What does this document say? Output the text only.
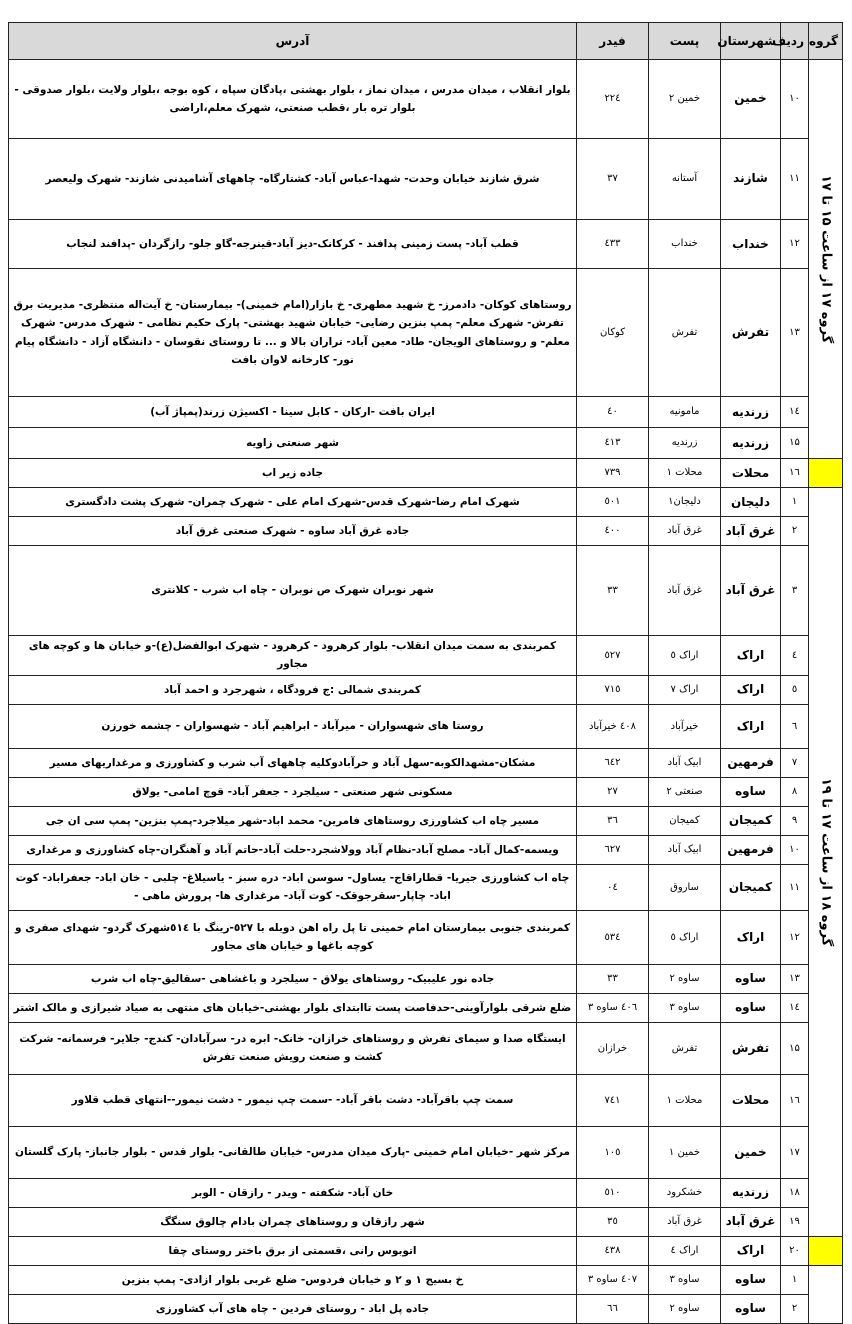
گروه	ردیف	شهرستان	پست	فیدر	آدرس

گروه ۱۷ از ساعت ۱۵ تا ۱۷	۱۰	خمین	خمین ۲	۲۲٤	بلوار انقلاب ، میدان مدرس ، میدان نماز ، بلوار بهشتی ،پادگان سپاه ، کوه بوجه ،بلوار ولایت ،بلوار صدوقی - بلوار تره بار ،قطب صنعتی، شهرک معلم،اراضی
	۱۱	شازند	آستانه	۳۷	شرق شازند خیابان وحدت- شهدا-عباس آباد- کشتارگاه- چاههای آشامیدنی شازند- شهرک ولیعصر
	۱۲	خنداب	خنداب	٤۳۳	قطب آباد- پست زمینی پدافند - کرکانک-دیز آباد-قینرجه-گاو جلو- رازگردان -پدافند لنجاب
	۱۳	تفرش	تفرش	کوکان	روستاهای کوکان- دادمرز- خ شهید مطهری- خ بازار(امام خمینی)- بیمارستان- خ آیت‌اله منتظری- مدیریت برق تفرش- شهرک معلم- پمپ بنزین رضایی- خیابان شهید بهشتی- پارک حکیم نظامی - شهرک مدرس- شهرک معلم- و روستاهای الویجان- طاد- معین آباد- تراران بالا و ... تا روستای نقوسان - دانشگاه آزاد - دانشگاه پیام نور- کارخانه لاوان بافت
	۱٤	زرندیه	مامونیه	٤۰	ایران بافت -ارکان - کابل سینا - اکسیژن زرند(پمپاژ آب)
	۱۵	زرندیه	زرندیه	٤۱۳	شهر صنعتی زاویه
	۱٦	محلات	محلات ۱	۷۳۹	جاده زیر اب

گروه ۱۸ از ساعت ۱۷ تا ۱۹	۱	دلیجان	دلیجان۱	٥۰۱	شهرک امام رضا-شهرک قدس-شهرک امام علی - شهرک چمران- شهرک پشت دادگستری
	۲	غرق آباد	غرق آباد	٤۰۰	جاده غرق آباد ساوه - شهرک صنعتی غرق آباد
	۳	غرق آباد	غرق آباد	۳۳	شهر نوبران شهرک ص نوبران - چاه اب شرب - کلانتری
	٤	اراک	اراک ٥	٥۲۷	کمربندی به سمت میدان انقلاب- بلوار کرهرود - کرهرود - شهرک ابوالفضل(ع)-و خیابان ها و کوچه های مجاور
	٥	اراک	اراک ۷	۷۱٥	کمربندی شمالی :ج فرودگاه ، شهرجرد و احمد آباد
	٦	اراک	خیرآباد	٤۰۸ خیرآباد	روستا های شهسواران - میرآباد - ابراهیم آباد - شهسواران - چشمه خورزن
	۷	فرمهین	ابیک آباد	٦٤۲	مشکان-مشهدالکوبه-سهل آباد و حرآبادوکلیه چاههای آب شرب و کشاورزی و مرغداریهای مسیر
	۸	ساوه	صنعتی ۲	۲۷	مسکونی شهر صنعتی - سیلجرد - جعفر آباد- قوچ امامی- یولاق
	۹	کمیجان	کمیجان	۳٦	مسیر چاه اب کشاورزی روستاهای فامرین- محمد اباد-شهر میلاجرد-پمپ بنزین- پمپ سی ان جی
	۱۰	فرمهین	ابیک آباد	٦۲۷	ویسمه-کمال آباد- مصلح آباد-نظام آباد وولاشجرد-حلت آباد-حاتم آباد و آهنگران-چاه کشاورزی و مرغداری
	۱۱	کمیجان	ساروق	۰٤	چاه اب کشاورزی جیریا- قطاراقاج- یساول- سوسن اباد- دره سبز - یاسیلاغ- چلبی - خان اباد- جعفراباد- کوت اباد- چاپار-سقرجوقک- کوت آباد- مرغداری ها- پرورش ماهی -
	۱۲	اراک	اراک ٥	٥۳٤	کمربندی جنوبی بیمارستان امام خمینی تا پل راه اهن دوبله با ٥۲۷-رینگ با ٥۱٤شهرک گردو- شهدای صفری و کوچه باغها و خیابان های مجاور
	۱۳	ساوه	ساوه ۲	۳۳	جاده نور علیبیک- روستاهای یولاق - سیلجرد و باغشاهی -سقالیق-چاه اب شرب
	۱٤	ساوه	ساوه ۳	٤۰٦ ساوه ۳	ضلع شرقی بلوارآوینی-حدفاصت پست تاابتدای بلوار بهشتی-خیابان های منتهی به صیاد شیرازی و مالک اشتر
	۱۵	تفرش	تفرش	خرازان	ایستگاه صدا و سیمای تفرش و روستاهای خرازان- خانک- ابره در- سرآبادان- کندج- جلایر- فرسمانه- شرکت کشت و صنعت رویش صنعت تفرش
	۱٦	محلات	محلات ۱	۷٤۱	سمت چپ باقرآباد- دشت باقر آباد- -سمت چپ نیمور - دشت نیمور--انتهای قطب قلاور
	۱۷	خمین	خمین ۱	۱۰٥	مرکز شهر -خیابان امام خمینی -پارک میدان مدرس- خیابان طالقانی- بلوار قدس - بلوار جانباز- پارک گلستان
	۱۸	زرندیه	خشکرود	٥۱۰	خان آباد- شکفته - ویدر - رازقان - الوبر
	۱۹	غرق آباد	غرق آباد	۳٥	شهر رازقان و روستاهای چمران بادام چالوق سنگگ
	۲۰	اراک	اراک ٤	٤۳۸	اتوبوس رانی ،قسمتی از برق باختر روستای چقا
	۱	ساوه	ساوه ۳	٤۰۷ ساوه ۳	خ بسیج ۱ و ۲ و خیابان فردوس- ضلع غربی بلوار ازادی- پمپ بنزین
	۲	ساوه	ساوه ۲	٦٦	جاده پل اباد - روستای فردین - چاه های آب کشاورزی
